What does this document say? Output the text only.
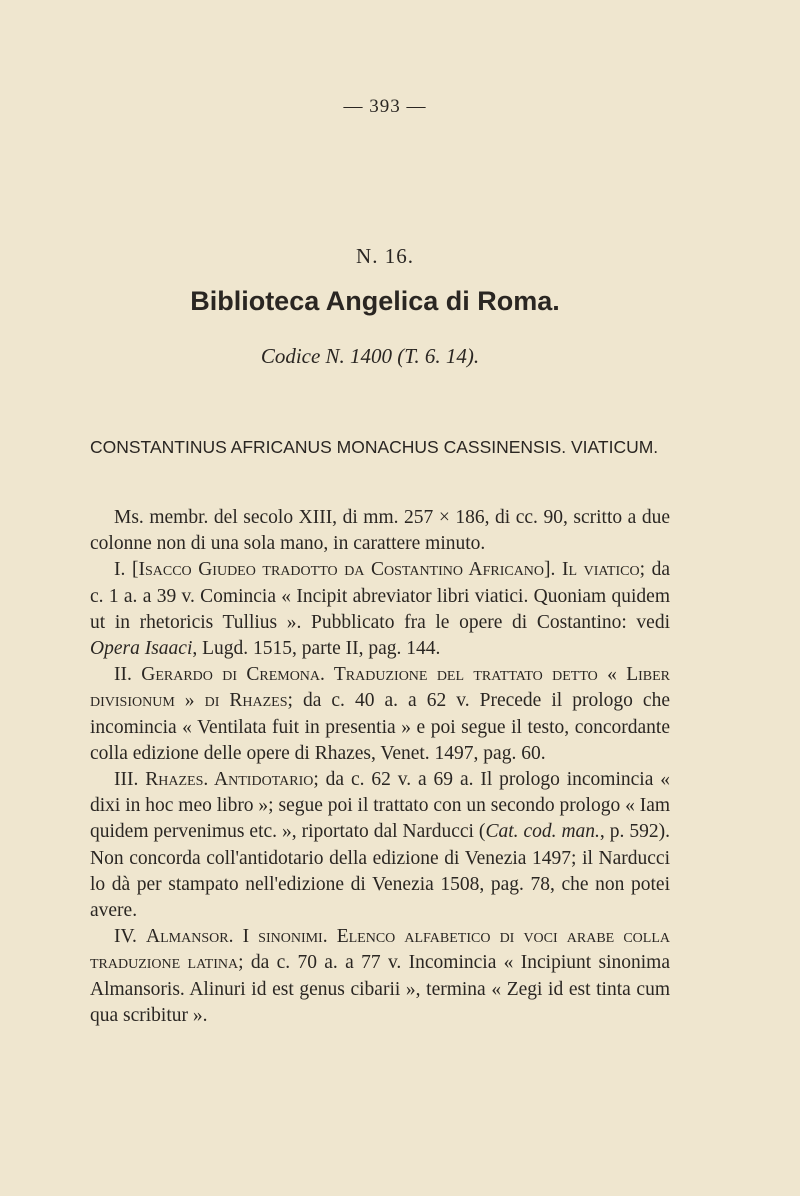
— 393 —
N. 16.
Biblioteca Angelica di Roma.
Codice N. 1400 (T. 6. 14).
CONSTANTINUS AFRICANUS MONACHUS CASSINENSIS. VIATICUM.

Ms. membr. del secolo XIII, di mm. 257 × 186, di cc. 90, scritto a due colonne non di una sola mano, in carattere minuto.

I. [Isacco Giudeo tradotto da Costantino Africano]. Il viatico; da c. 1 a. a 39 v. Comincia « Incipit abreviator libri viatici. Quoniam quidem ut in rhetoricis Tullius ». Pubblicato fra le opere di Costantino: vedi Opera Isaaci, Lugd. 1515, parte II, pag. 144.

II. Gerardo di Cremona. Traduzione del trattato detto « Liber divisionum » di Rhazes; da c. 40 a. a 62 v. Precede il prologo che incomincia « Ventilata fuit in presentia » e poi segue il testo, concordante colla edizione delle opere di Rhazes, Venet. 1497, pag. 60.

III. Rhazes. Antidotario; da c. 62 v. a 69 a. Il prologo incomincia « dixi in hoc meo libro »; segue poi il trattato con un secondo prologo « Iam quidem pervenimus etc. », riportato dal Narducci (Cat. cod. man., p. 592). Non concorda coll'antidotario della edizione di Venezia 1497; il Narducci lo dà per stampato nell'edizione di Venezia 1508, pag. 78, che non potei avere.

IV. Almansor. I sinonimi. Elenco alfabetico di voci arabe colla traduzione latina; da c. 70 a. a 77 v. Incomincia « Incipiunt sinonima Almansoris. Alinuri id est genus cibarii », termina « Zegi id est tinta cum qua scribitur ».
